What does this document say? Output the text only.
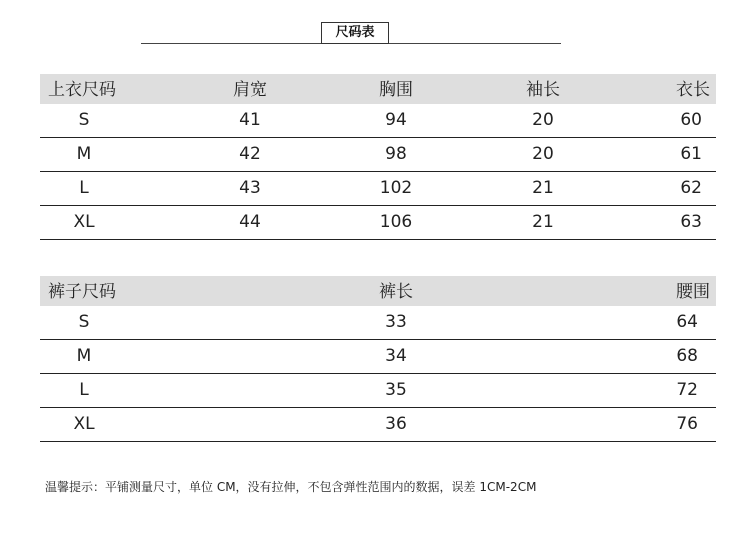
尺码表
上衣尺码	肩宽	胸围	袖长	衣长
S	41	94	20	60
M	42	98	20	61
L	43	102	21	62
XL	44	106	21	63
裤子尺码	裤长	腰围
S	33	64
M	34	68
L	35	72
XL	36	76
温馨提示：平铺测量尺寸，单位 CM，没有拉伸，不包含弹性范围内的数据，误差 1CM-2CM
